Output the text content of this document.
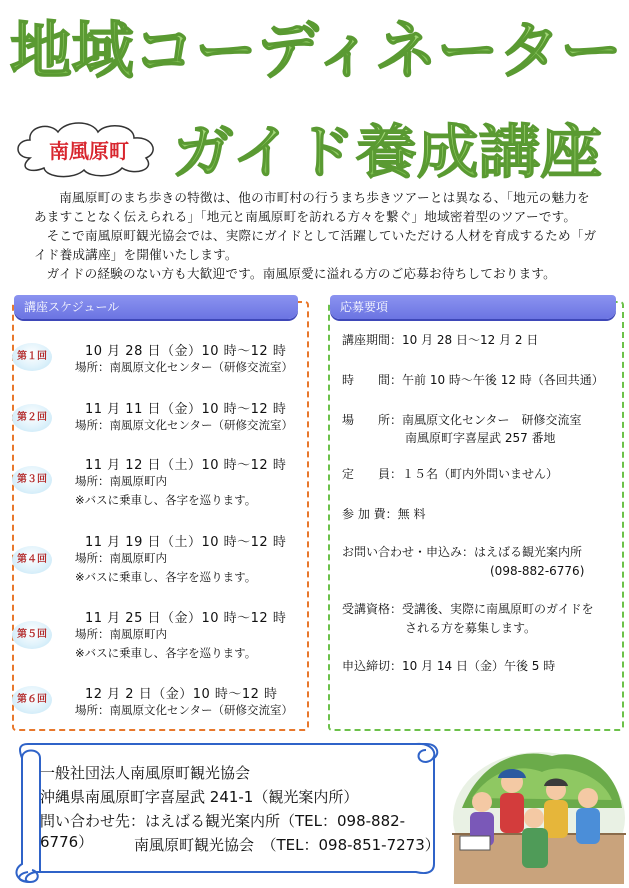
地域コーディネーター
南風原町 ガイド養成講座

南風原町のまち歩きの特徴は、他の市町村の行うまち歩きツアーとは異なる、「地元の魅力をあますことなく伝えられる」「地元と南風原町を訪れる方々を繋ぐ」地域密着型のツアーです。

そこで南風原町観光協会では、実際にガイドとして活躍していただける人材を育成するため「ガイド養成講座」を開催いたします。

ガイドの経験のない方も大歓迎です。南風原愛に溢れる方のご応募お待ちしております。

講座スケジュール
第１回	10 月 28 日（金）10 時～12 時
場所：南風原文化センター（研修交流室）
第２回
11 月 11 日（金）10 時～12 時
場所：南風原文化センター（研修交流室）
第３回
11 月 12 日（土）10 時～12 時
場所：南風原町内
※バスに乗車し、各字を巡ります。
第４回
11 月 19 日（土）10 時～12 時
場所：南風原町内
※バスに乗車し、各字を巡ります。
第５回
11 月 25 日（金）10 時～12 時
場所：南風原町内
※バスに乗車し、各字を巡ります。
第６回	12 月 2 日（金）10 時～12 時
場所：南風原文化センター（研修交流室）
応募要項
講座期間：10 月 28 日～12 月 2 日
時　　間：午前 10 時～午後 12 時（各回共通）
場　　所：南風原文化センター　研修交流室
南風原町字喜屋武 257 番地
定　　員：１５名（町内外問いません）
参 加 費：無 料
お問い合わせ・申込み：はえばる観光案内所
(098-882-6776)
受講資格：受講後、実際に南風原町のガイドを
される方を募集します。
申込締切：10 月 14 日（金）午後 5 時
一般社団法人南風原町観光協会
沖縄県南風原町字喜屋武 241-1（観光案内所）
問い合わせ先：はえばる観光案内所（TEL：098-882-6776）	南風原町観光協会　（TEL：098-851-7273）
